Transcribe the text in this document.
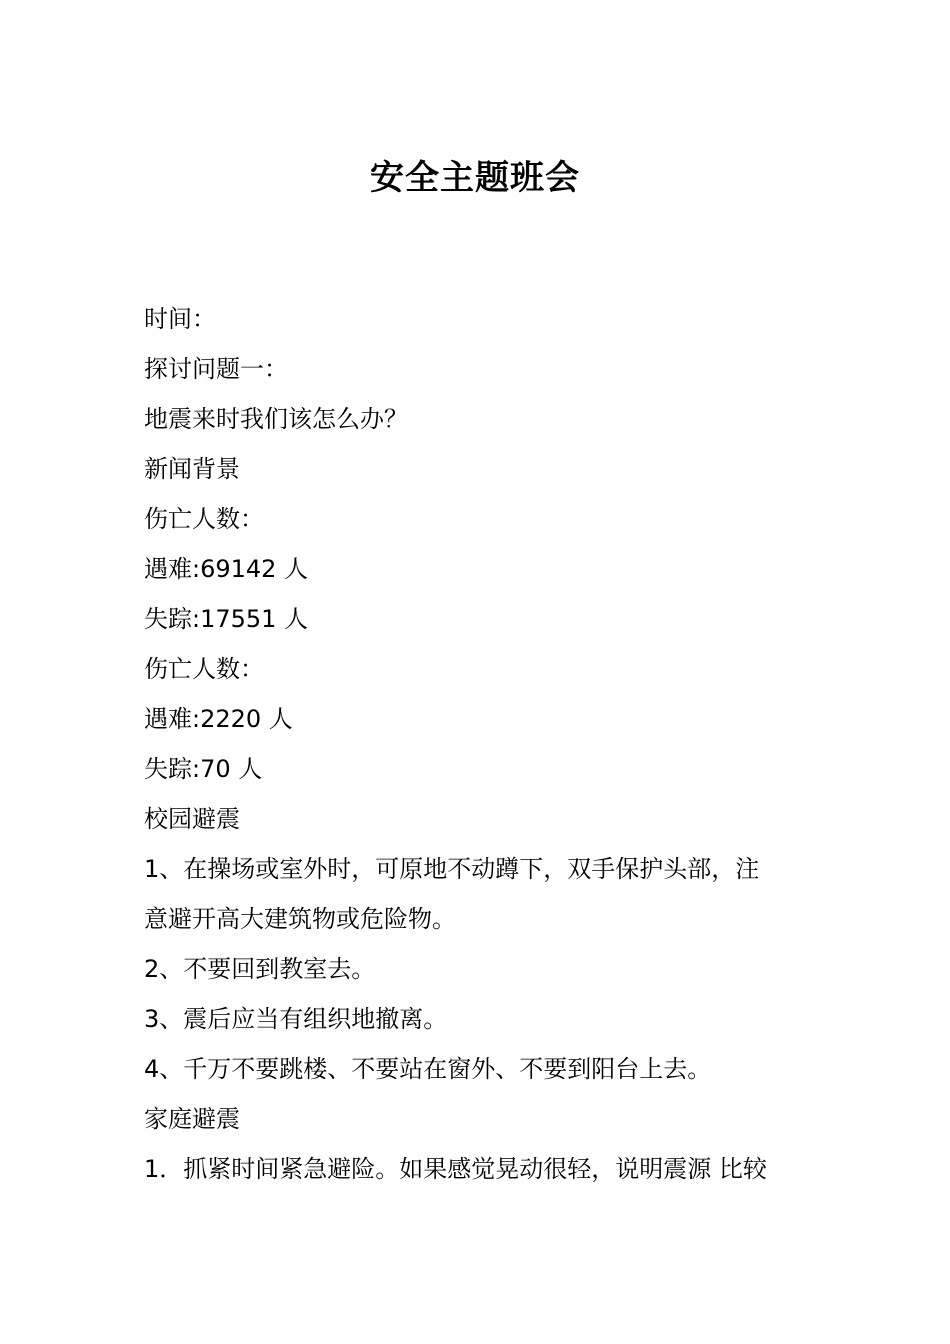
安全主题班会
时间：
探讨问题一：
地震来时我们该怎么办？
新闻背景
伤亡人数：
遇难:69142 人
失踪:17551 人
伤亡人数：
遇难:2220 人
失踪:70 人
校园避震
1、在操场或室外时，可原地不动蹲下，双手保护头部，注
意避开高大建筑物或危险物。
2、不要回到教室去。
3、震后应当有组织地撤离。
4、千万不要跳楼、不要站在窗外、不要到阳台上去。
家庭避震
1．抓紧时间紧急避险。如果感觉晃动很轻，说明震源 比较
